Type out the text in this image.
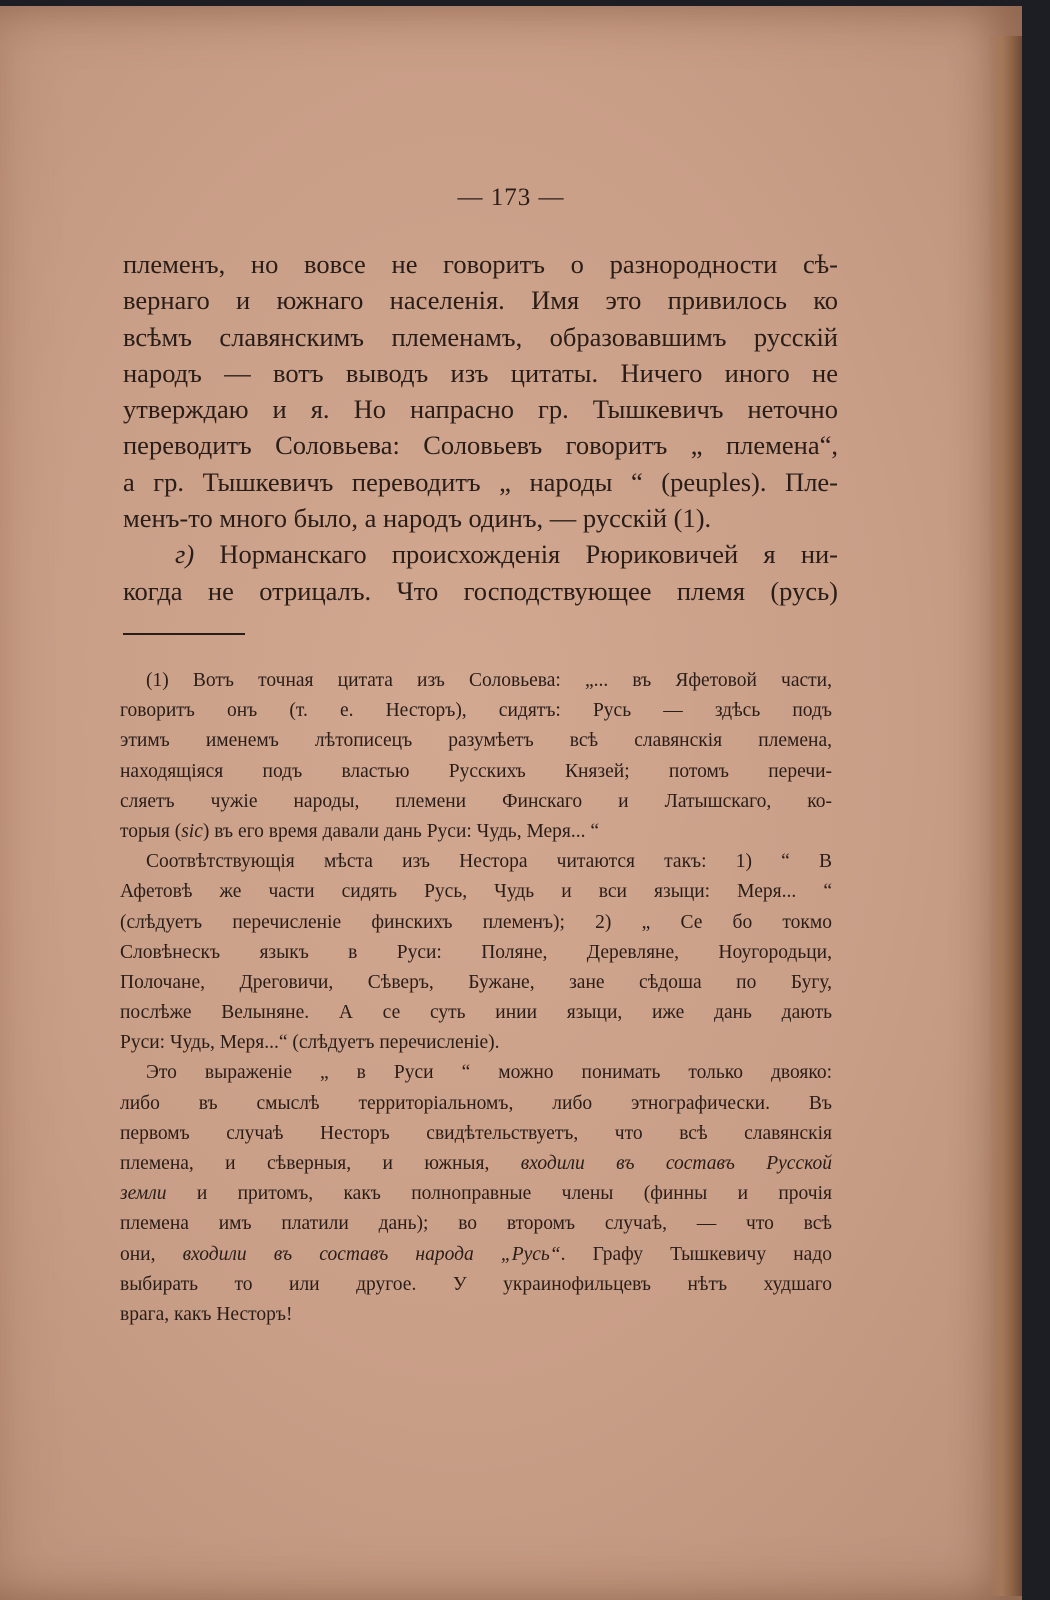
— 173 —
племенъ, но вовсе не говоритъ о разнородности сѣ-
вернаго и южнаго населенія. Имя это привилось ко
всѣмъ славянскимъ племенамъ, образовавшимъ русскій
народъ — вотъ выводъ изъ цитаты. Ничего иного не
утверждаю и я. Но напрасно гр. Тышкевичъ неточно
переводитъ Соловьева: Соловьевъ говоритъ „ племена“,
а гр. Тышкевичъ переводитъ „ народы “ (peuples). Пле-
менъ-то много было, а народъ одинъ, — русскій (1).
г) Норманскаго происхожденія Рюриковичей я ни-
когда не отрицалъ. Что господствующее племя (русь)
(1) Вотъ точная цитата изъ Соловьева: „... въ Яфетовой части,
говоритъ онъ (т. е. Несторъ), сидятъ: Русь — здѣсь подъ
этимъ именемъ лѣтописецъ разумѣетъ всѣ славянскія племена,
находящіяся подъ властью Русскихъ Князей; потомъ перечи-
сляетъ чужіе народы, племени Финскаго и Латышскаго, ко-
торыя (sic) въ его время давали дань Руси: Чудь, Меря... “
Соотвѣтствующія мѣста изъ Нестора читаются такъ: 1) “ В
Афетовѣ же части сидять Русь, Чудь и вси языци: Меря... “
(слѣдуетъ перечисленіе финскихъ племенъ); 2) „ Се бо токмо
Словѣнескъ языкъ в Руси: Поляне, Деревляне, Ноугородьци,
Полочане, Дреговичи, Сѣверъ, Бужане, зане сѣдоша по Бугу,
послѣже Велыняне. А се суть инии языци, иже дань дають
Руси: Чудь, Меря...“ (слѣдуетъ перечисленіе).
Это выраженіе „ в Руси “ можно понимать только двояко:
либо въ смыслѣ территоріальномъ, либо этнографически. Въ
первомъ случаѣ Несторъ свидѣтельствуетъ, что всѣ славянскія
племена, и сѣверныя, и южныя, входили въ составъ Русской
земли и притомъ, какъ полноправные члены (финны и прочія
племена имъ платили дань); во второмъ случаѣ, — что всѣ
они, входили въ составъ народа „Русь“. Графу Тышкевичу надо
выбирать то или другое. У украинофильцевъ нѣтъ худшаго
врага, какъ Несторъ!
